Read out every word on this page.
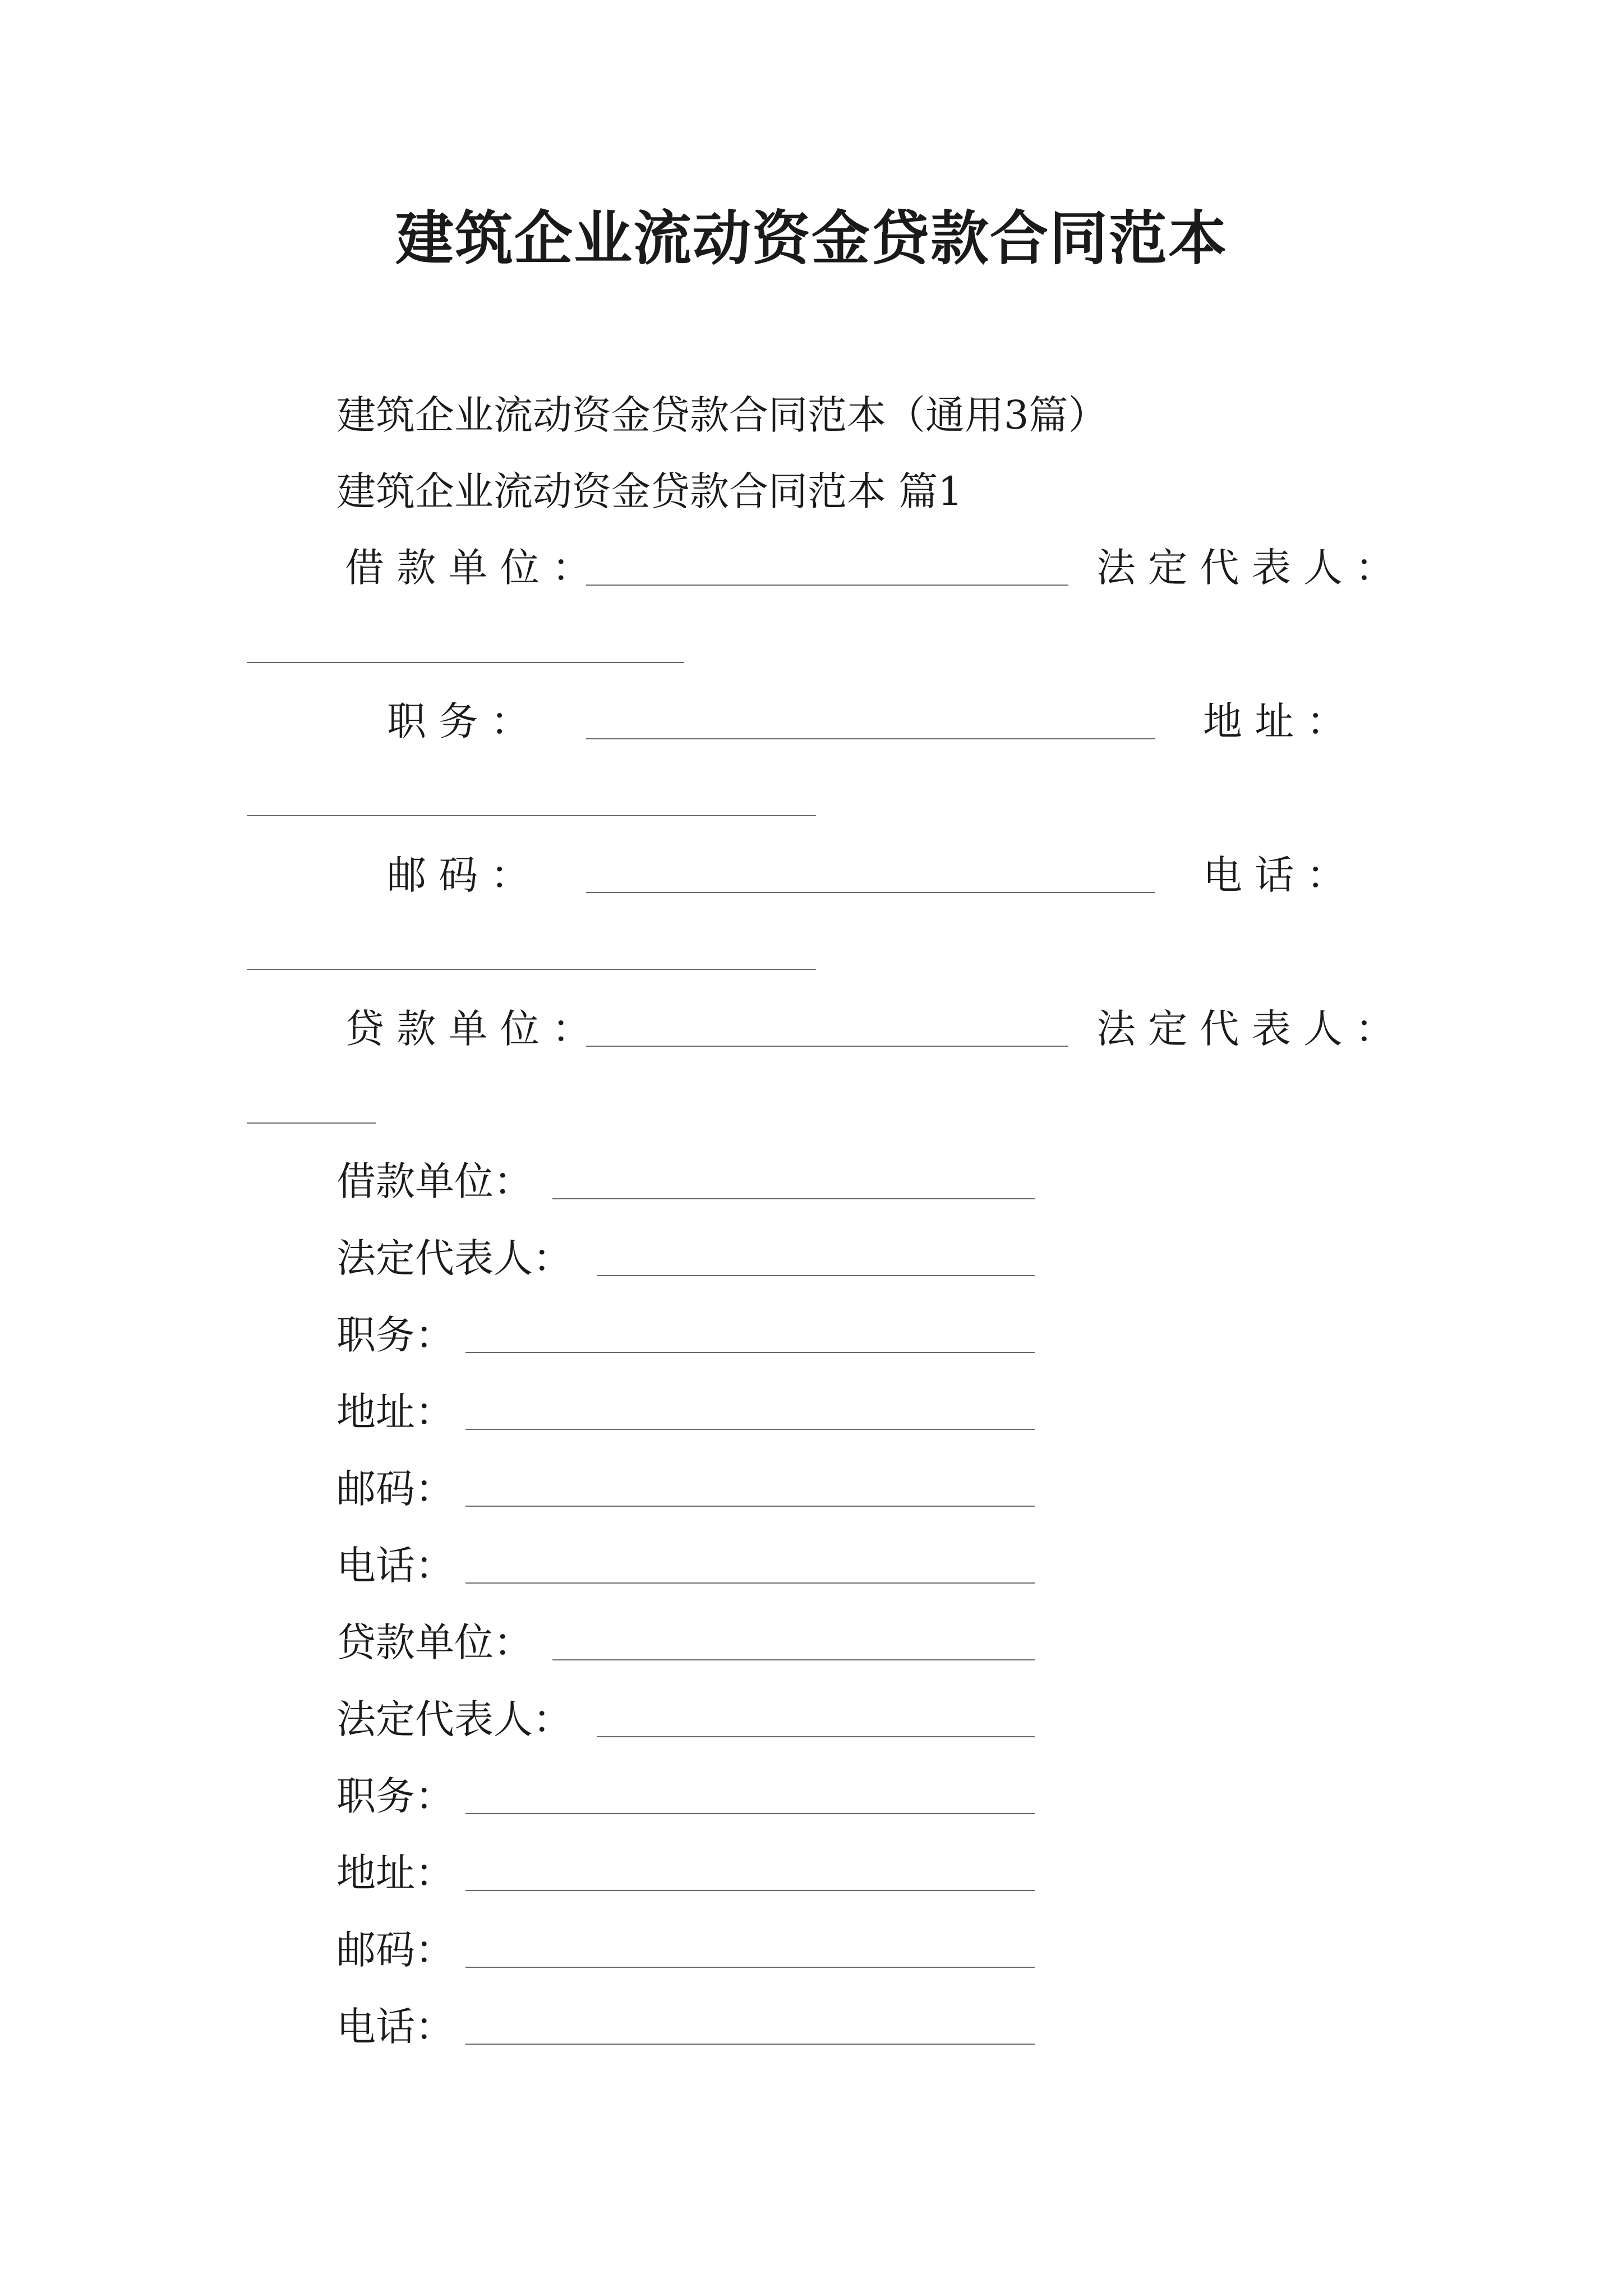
建筑企业流动资金贷款合同范本
建筑企业流动资金贷款合同范本（通用3篇）
建筑企业流动资金贷款合同范本 篇1
借 款 单 位 ：	法 定 代 表 人 ：
职 务 ：	地 址 ：
邮 码 ：	电 话 ：
贷 款 单 位 ：	法 定 代 表 人 ：
借款单位：
法定代表人：
职务：
地址：
邮码：
电话：
贷款单位：
法定代表人：
职务：
地址：
邮码：
电话：
